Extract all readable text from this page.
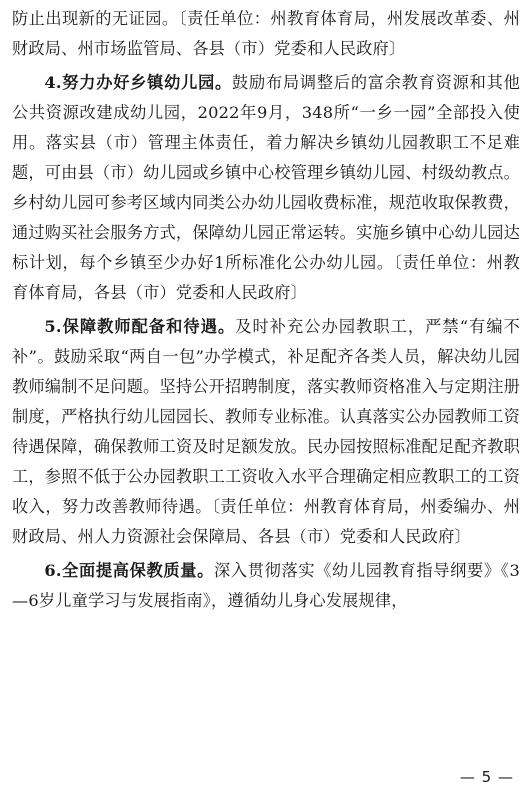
防止出现新的无证园。〔责任单位：州教育体育局，州发展改革委、州财政局、州市场监管局、各县（市）党委和人民政府〕

4.努力办好乡镇幼儿园。鼓励布局调整后的富余教育资源和其他公共资源改建成幼儿园，2022年9月，348所“一乡一园”全部投入使用。落实县（市）管理主体责任，着力解决乡镇幼儿园教职工不足难题，可由县（市）幼儿园或乡镇中心校管理乡镇幼儿园、村级幼教点。乡村幼儿园可参考区域内同类公办幼儿园收费标准，规范收取保教费，通过购买社会服务方式，保障幼儿园正常运转。实施乡镇中心幼儿园达标计划，每个乡镇至少办好1所标准化公办幼儿园。〔责任单位：州教育体育局，各县（市）党委和人民政府〕

5.保障教师配备和待遇。及时补充公办园教职工，严禁“有编不补”。鼓励采取“两自一包”办学模式，补足配齐各类人员，解决幼儿园教师编制不足问题。坚持公开招聘制度，落实教师资格准入与定期注册制度，严格执行幼儿园园长、教师专业标准。认真落实公办园教师工资待遇保障，确保教师工资及时足额发放。民办园按照标准配足配齐教职工，参照不低于公办园教职工工资收入水平合理确定相应教职工的工资收入，努力改善教师待遇。〔责任单位：州教育体育局，州委编办、州财政局、州人力资源社会保障局、各县（市）党委和人民政府〕

6.全面提高保教质量。深入贯彻落实《幼儿园教育指导纲要》《3—6岁儿童学习与发展指南》，遵循幼儿身心发展规律，

— 5 —
